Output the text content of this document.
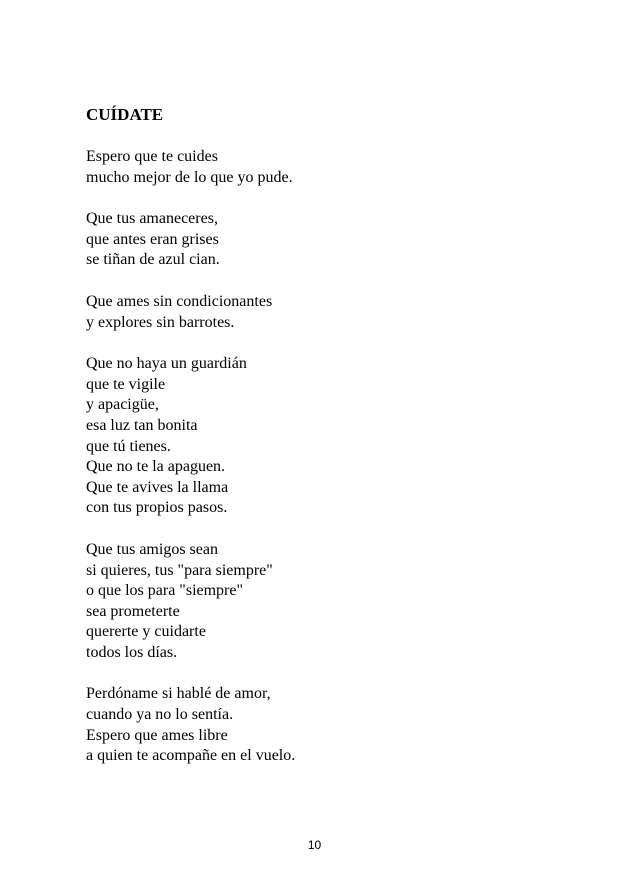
CUÍDATE
Espero que te cuides
mucho mejor de lo que yo pude.
Que tus amaneceres,
que antes eran grises
se tiñan de azul cian.
Que ames sin condicionantes
y explores sin barrotes.
Que no haya un guardián
que te vigile
y apacigüe,
esa luz tan bonita
que tú tienes.
Que no te la apaguen.
Que te avives la llama
con tus propios pasos.
Que tus amigos sean
si quieres, tus "para siempre"
o que los para "siempre"
sea prometerte
quererte y cuidarte
todos los días.
Perdóname si hablé de amor,
cuando ya no lo sentía.
Espero que ames libre
a quien te acompañe en el vuelo.
10
